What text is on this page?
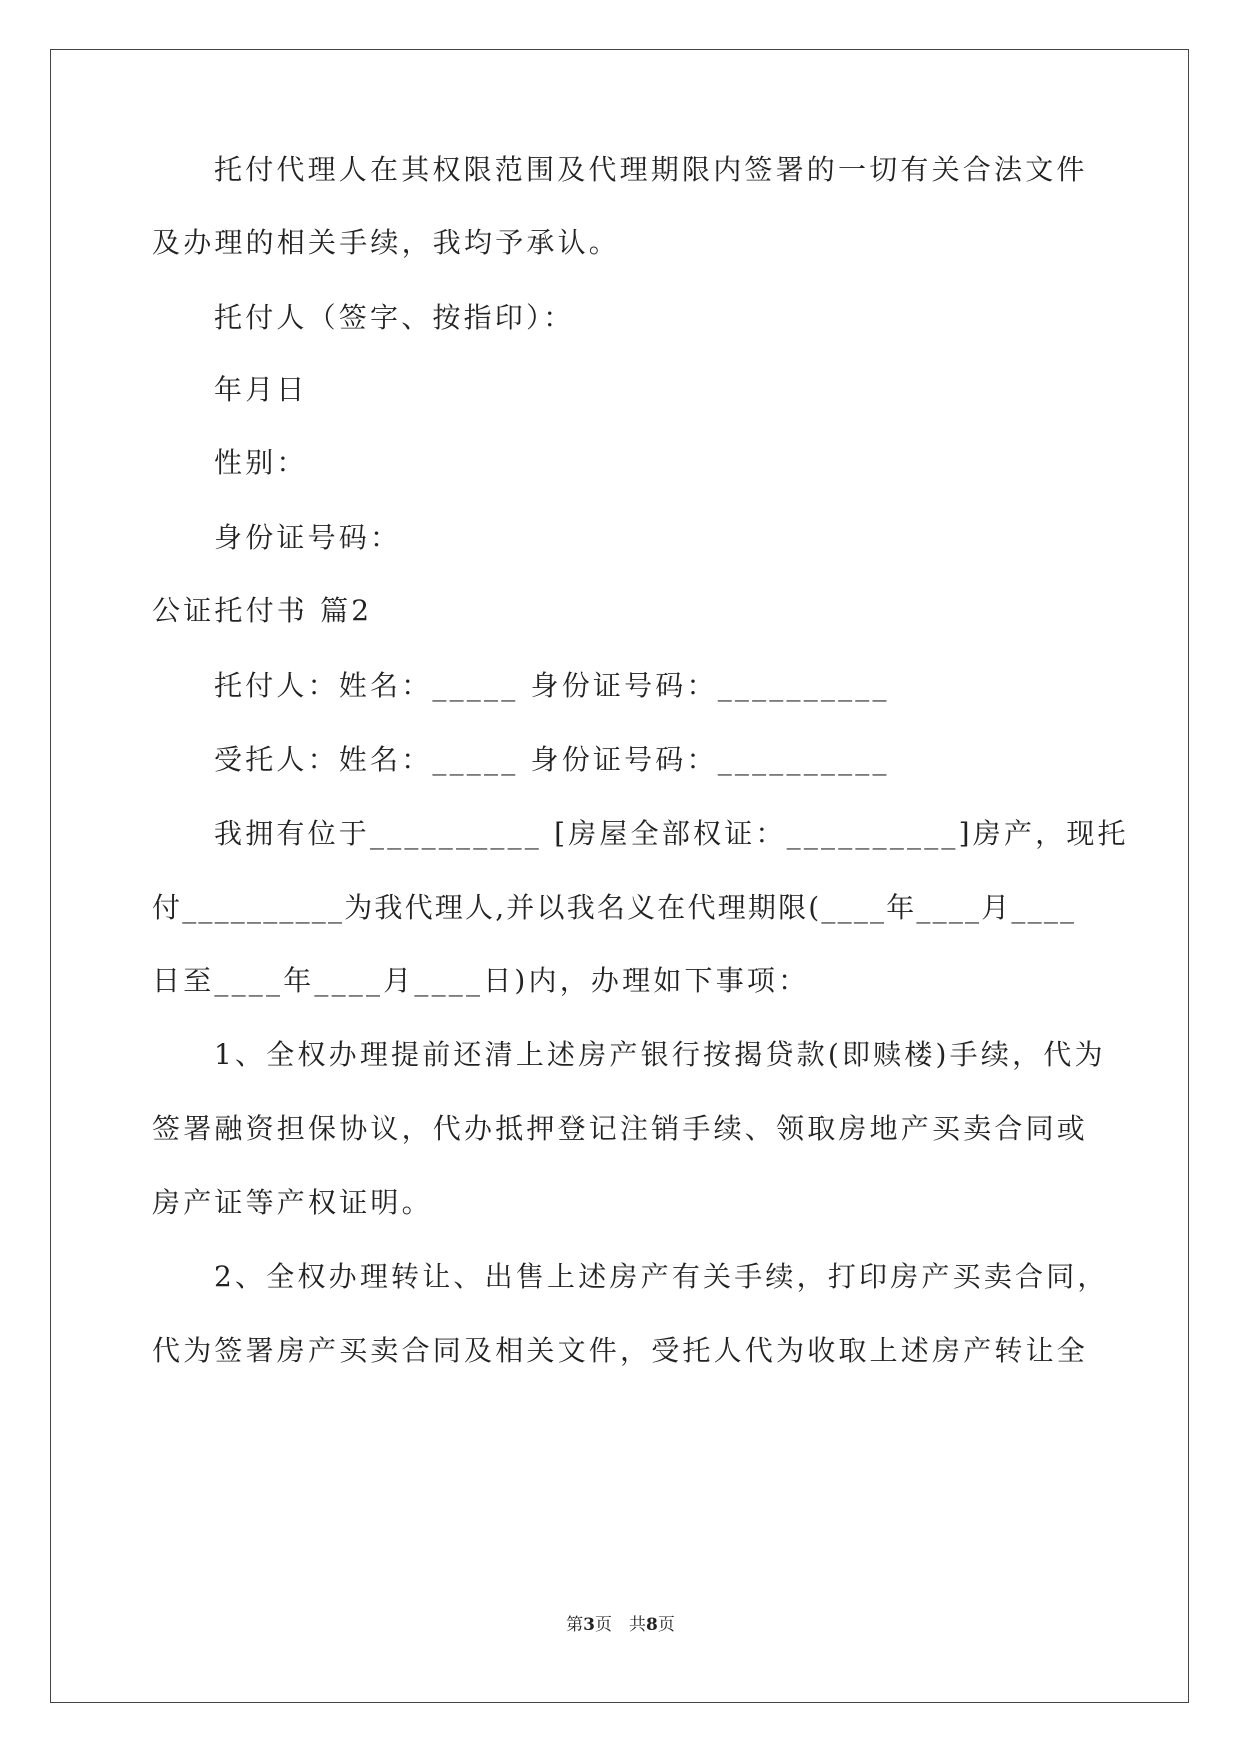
托付代理人在其权限范围及代理期限内签署的一切有关合法文件
及办理的相关手续，我均予承认。
托付人（签字、按指印）：
年月日
性别：
身份证号码：
公证托付书 篇2
托付人：姓名：_____ 身份证号码：__________
受托人：姓名：_____ 身份证号码：__________
我拥有位于__________ [房屋全部权证：__________]房产，现托
付__________为我代理人,并以我名义在代理期限(____年____月____
日至____年____月____日)内，办理如下事项：
1、全权办理提前还清上述房产银行按揭贷款(即赎楼)手续，代为
签署融资担保协议，代办抵押登记注销手续、领取房地产买卖合同或
房产证等产权证明。
2、全权办理转让、出售上述房产有关手续，打印房产买卖合同，
代为签署房产买卖合同及相关文件，受托人代为收取上述房产转让全
第3页　共8页
